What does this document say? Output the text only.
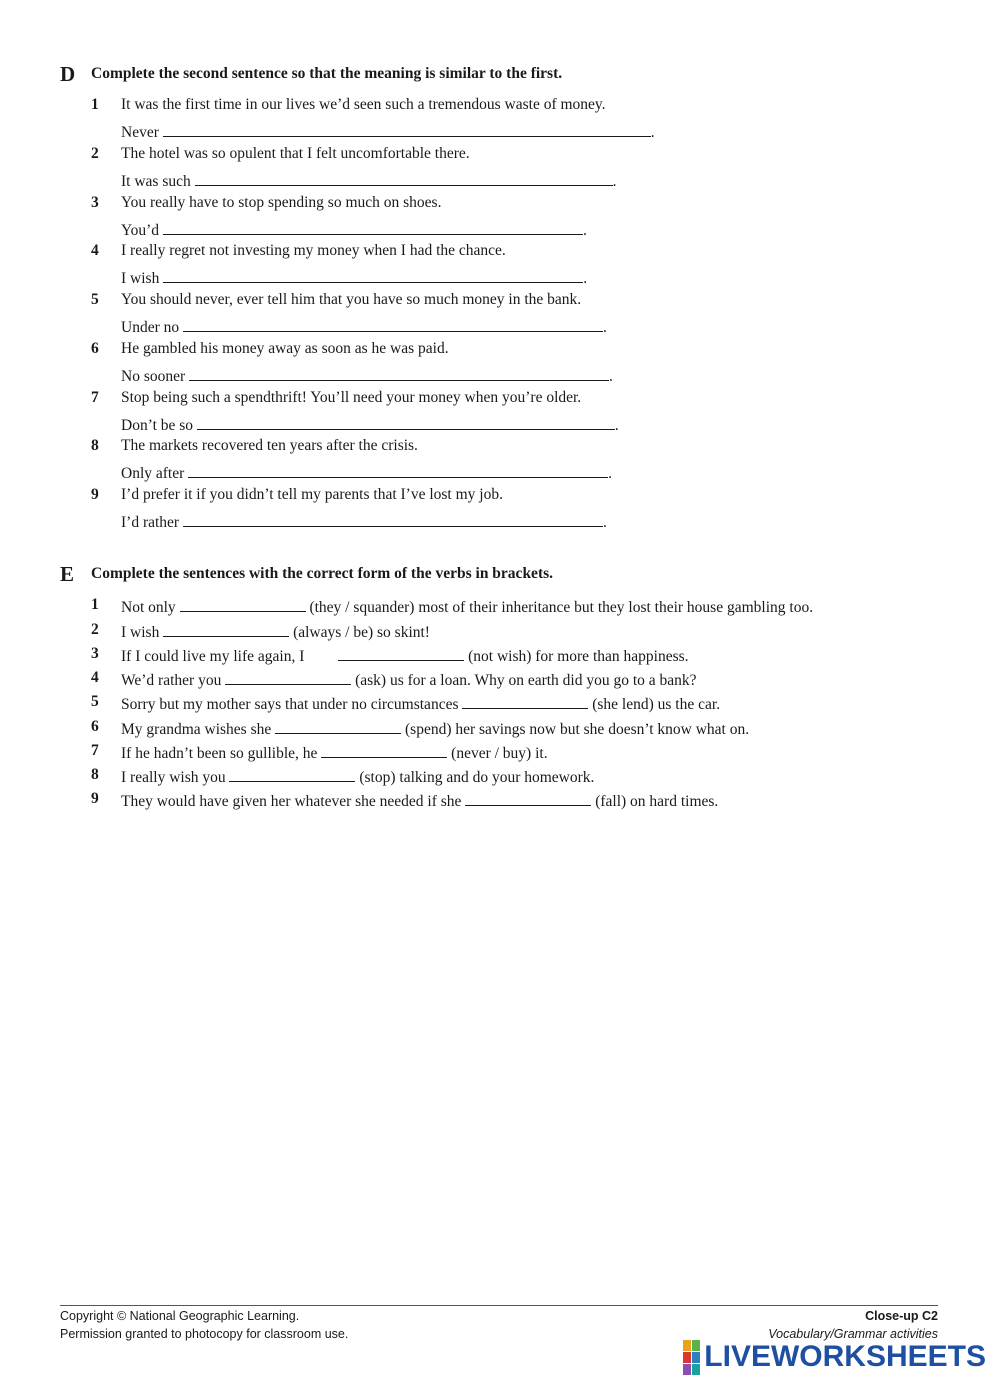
D Complete the second sentence so that the meaning is similar to the first.
1 It was the first time in our lives we’d seen such a tremendous waste of money.
Never	.
2 The hotel was so opulent that I felt uncomfortable there.
It was such	.
3 You really have to stop spending so much on shoes.
You’d	.
4 I really regret not investing my money when I had the chance.
I wish	.
5 You should never, ever tell him that you have so much money in the bank.
Under no	.
6 He gambled his money away as soon as he was paid.
No sooner	.
7 Stop being such a spendthrift! You’ll need your money when you’re older.
Don’t be so	.
8 The markets recovered ten years after the crisis.
Only after	.
9 I’d prefer it if you didn’t tell my parents that I’ve lost my job.
I’d rather	.
E Complete the sentences with the correct form of the verbs in brackets.
1 Not only	(they / squander) most of their inheritance but they lost their house gambling too.
2 I wish	(always / be) so skint!
3 If I could live my life again, I	(not wish) for more than happiness.
4 We’d rather you	(ask) us for a loan. Why on earth did you go to a bank?
5 Sorry but my mother says that under no circumstances	(she lend) us the car.
6 My grandma wishes she	(spend) her savings now but she doesn’t know what on.
7 If he hadn’t been so gullible, he	(never / buy) it.
8 I really wish you	(stop) talking and do your homework.
9 They would have given her whatever she needed if she	(fall) on hard times.
Copyright © National Geographic Learning.
Permission granted to photocopy for classroom use.
Close-up C2
Vocabulary/Grammar activities
LIVEWORKSHEETS
